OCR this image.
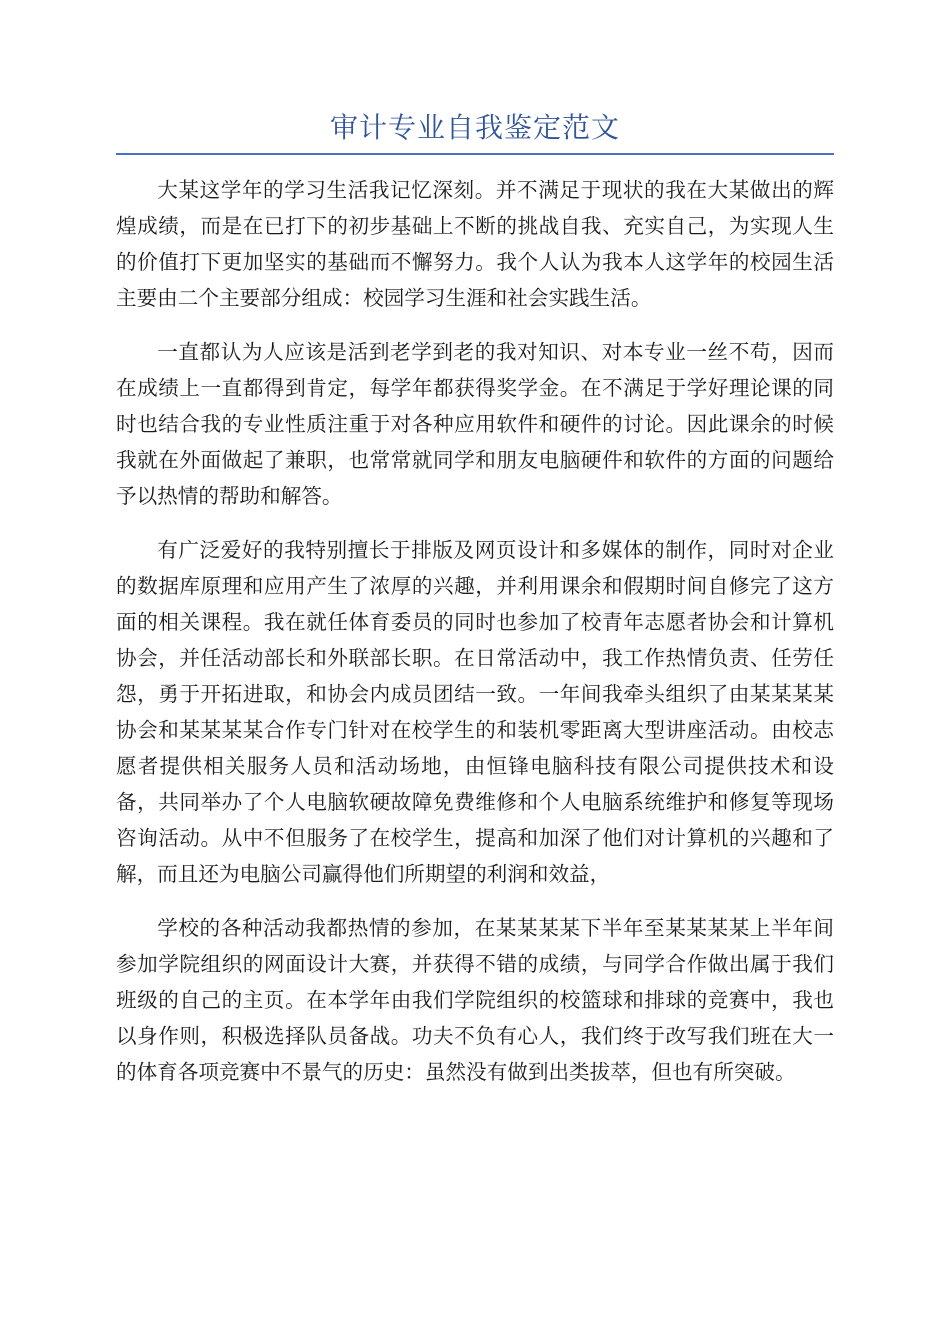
审计专业自我鉴定范文

大某这学年的学习生活我记忆深刻。并不满足于现状的我在大某做出的辉煌成绩，而是在已打下的初步基础上不断的挑战自我、充实自己，为实现人生的价值打下更加坚实的基础而不懈努力。我个人认为我本人这学年的校园生活主要由二个主要部分组成：校园学习生涯和社会实践生活。

一直都认为人应该是活到老学到老的我对知识、对本专业一丝不苟，因而在成绩上一直都得到肯定，每学年都获得奖学金。在不满足于学好理论课的同时也结合我的专业性质注重于对各种应用软件和硬件的讨论。因此课余的时候我就在外面做起了兼职，也常常就同学和朋友电脑硬件和软件的方面的问题给予以热情的帮助和解答。

有广泛爱好的我特别擅长于排版及网页设计和多媒体的制作，同时对企业的数据库原理和应用产生了浓厚的兴趣，并利用课余和假期时间自修完了这方面的相关课程。我在就任体育委员的同时也参加了校青年志愿者协会和计算机协会，并任活动部长和外联部长职。在日常活动中，我工作热情负责、任劳任怨，勇于开拓进取，和协会内成员团结一致。一年间我牵头组织了由某某某某协会和某某某某合作专门针对在校学生的和装机零距离大型讲座活动。由校志愿者提供相关服务人员和活动场地，由恒锋电脑科技有限公司提供技术和设备，共同举办了个人电脑软硬故障免费维修和个人电脑系统维护和修复等现场咨询活动。从中不但服务了在校学生，提高和加深了他们对计算机的兴趣和了解，而且还为电脑公司赢得他们所期望的利润和效益，

学校的各种活动我都热情的参加，在某某某某下半年至某某某某上半年间参加学院组织的网面设计大赛，并获得不错的成绩，与同学合作做出属于我们班级的自己的主页。在本学年由我们学院组织的校篮球和排球的竞赛中，我也以身作则，积极选择队员备战。功夫不负有心人，我们终于改写我们班在大一的体育各项竞赛中不景气的历史：虽然没有做到出类拔萃，但也有所突破。
